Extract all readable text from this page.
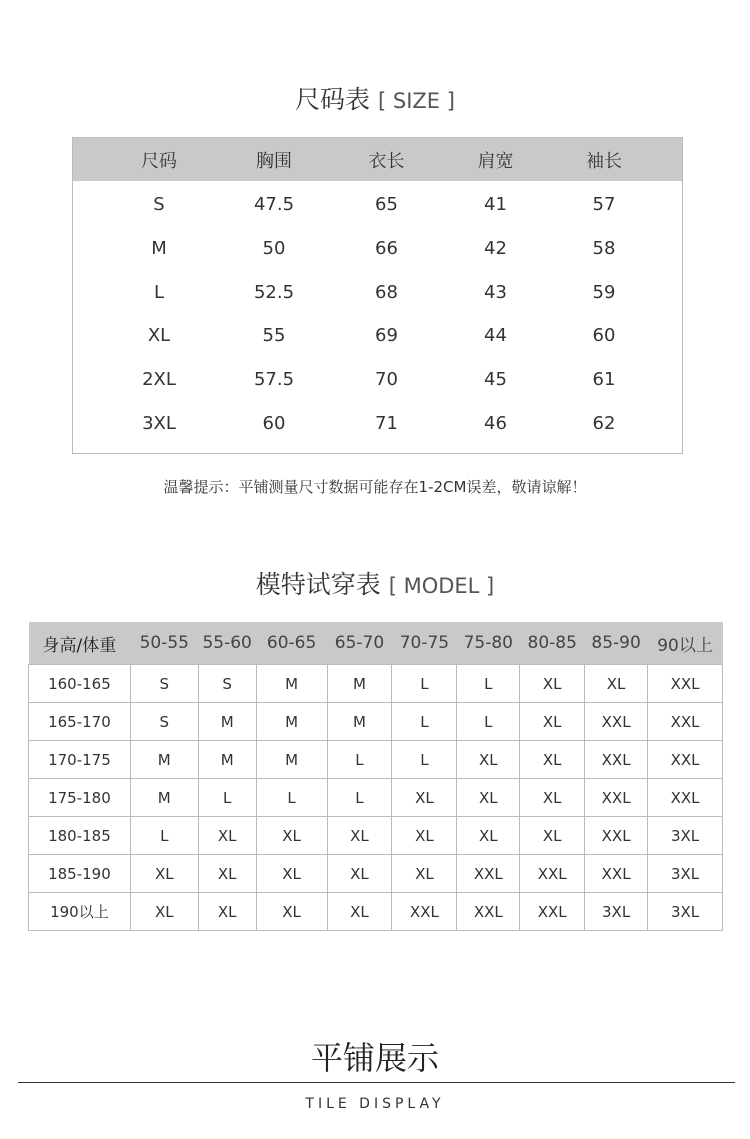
尺码表 [ SIZE ]
尺码	胸围	衣长	肩宽	袖长
S	47.5	65	41	57
M	50	66	42	58
L	52.5	68	43	59
XL	55	69	44	60
2XL	57.5	70	45	61
3XL	60	71	46	62
温馨提示：平铺测量尺寸数据可能存在1-2CM误差，敬请谅解！
模特试穿表 [ MODEL ]
身高/体重	50-55	55-60	60-65	65-70	70-75	75-80	80-85	85-90	90以上
160-165	S	S	M	M	L	L	XL	XL	XXL
165-170	S	M	M	M	L	L	XL	XXL	XXL
170-175	M	M	M	L	L	XL	XL	XXL	XXL
175-180	M	L	L	L	XL	XL	XL	XXL	XXL
180-185	L	XL	XL	XL	XL	XL	XL	XXL	3XL
185-190	XL	XL	XL	XL	XL	XXL	XXL	XXL	3XL
190以上	XL	XL	XL	XL	XXL	XXL	XXL	3XL	3XL
平铺展示
TILE DISPLAY
